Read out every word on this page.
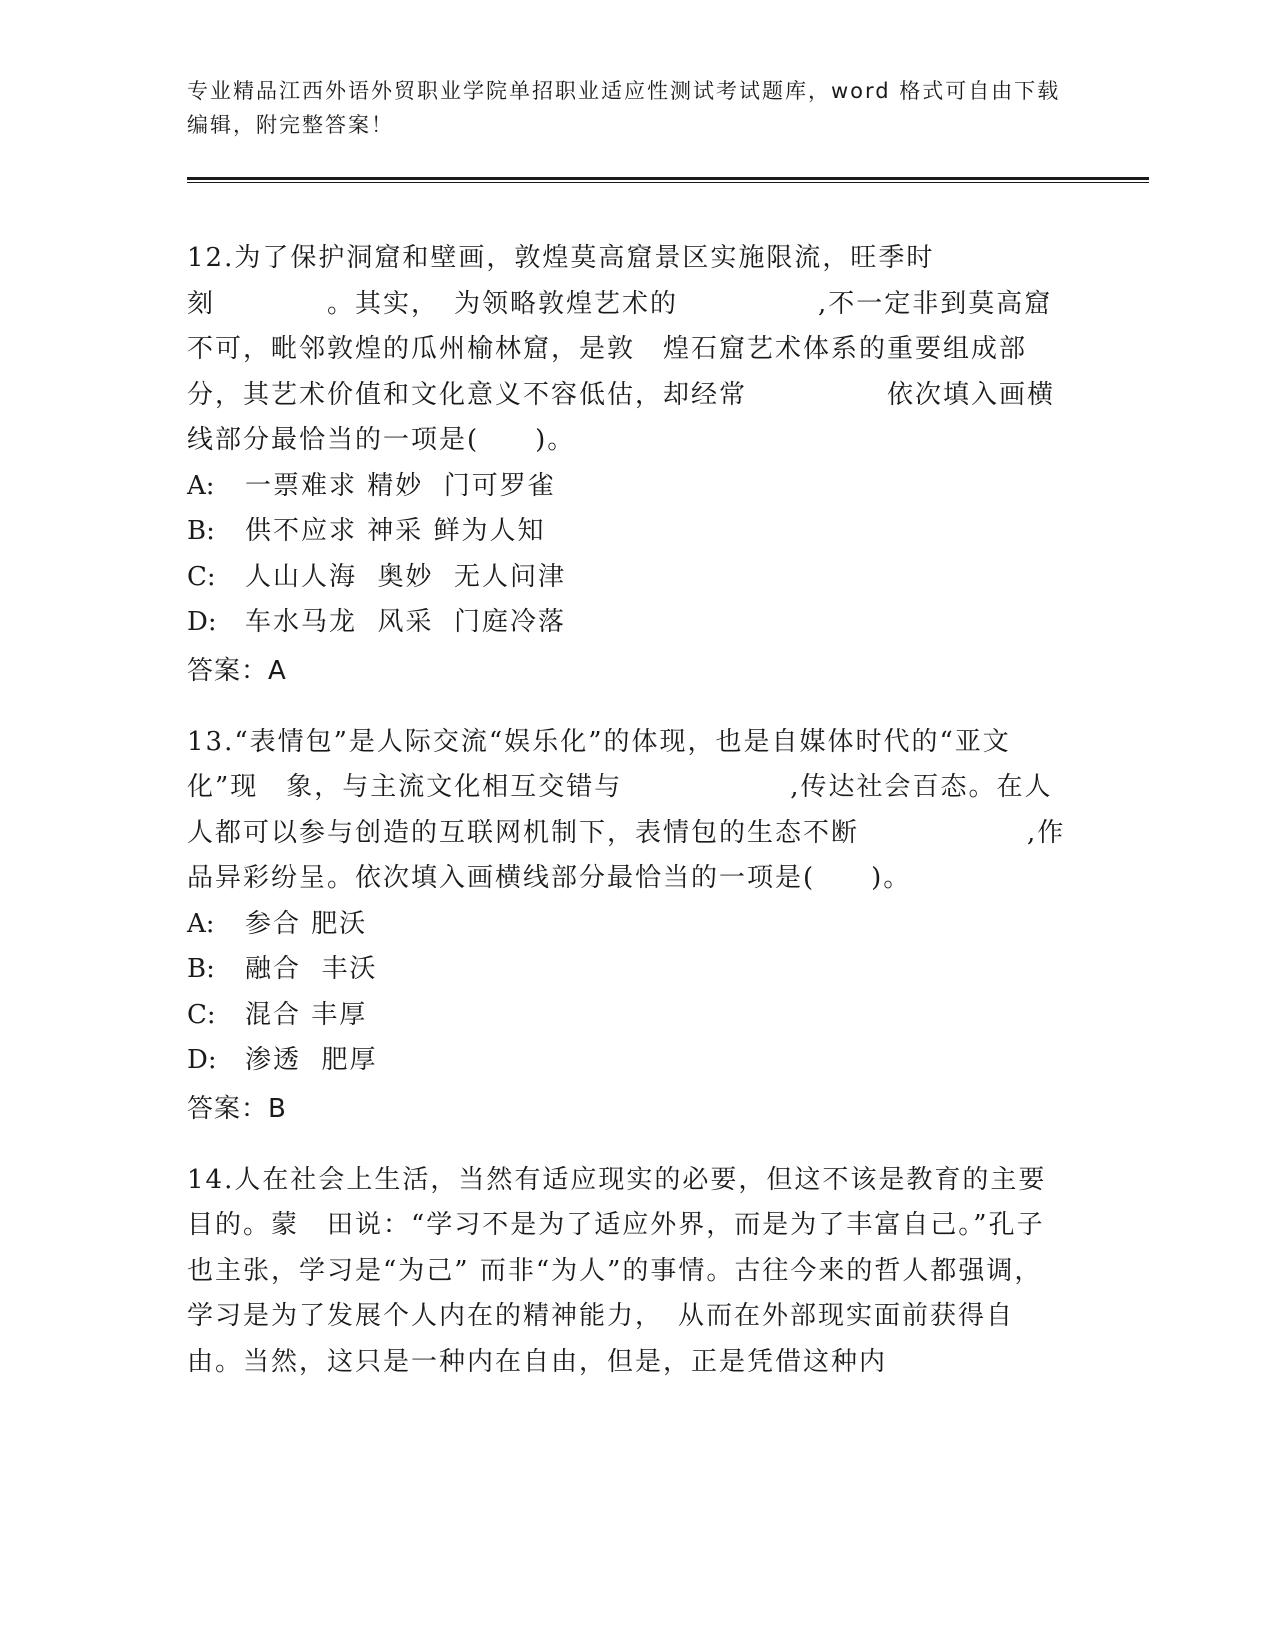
专业精品江西外语外贸职业学院单招职业适应性测试考试题库，word 格式可自由下载编辑，附完整答案！

12.为了保护洞窟和壁画，敦煌莫高窟景区实施限流，旺季时刻　　　　。其实，　为领略敦煌艺术的　　　　　,不一定非到莫高窟不可，毗邻敦煌的瓜州榆林窟，是敦　煌石窟艺术体系的重要组成部分，其艺术价值和文化意义不容低估，却经常　　　　　依次填入画横线部分最恰当的一项是(　　)。

A: 一票难求 精妙  门可罗雀

B: 供不应求 神采 鲜为人知

C: 人山人海  奥妙  无人问津

D: 车水马龙  风采  门庭冷落

答案：A

13.“表情包”是人际交流“娱乐化”的体现，也是自媒体时代的“亚文化”现　象，与主流文化相互交错与　　　　　　,传达社会百态。在人人都可以参与创造的互联网机制下，表情包的生态不断　　　　　　,作品异彩纷呈。依次填入画横线部分最恰当的一项是(　　)。

A: 参合 肥沃

B: 融合  丰沃

C: 混合 丰厚

D: 渗透  肥厚

答案：B

14.人在社会上生活，当然有适应现实的必要，但这不该是教育的主要目的。蒙　田说：“学习不是为了适应外界，而是为了丰富自己。”孔子也主张，学习是“为己” 而非“为人”的事情。古往今来的哲人都强调，学习是为了发展个人内在的精神能力，　从而在外部现实面前获得自由。当然，这只是一种内在自由，但是，正是凭借这种内
